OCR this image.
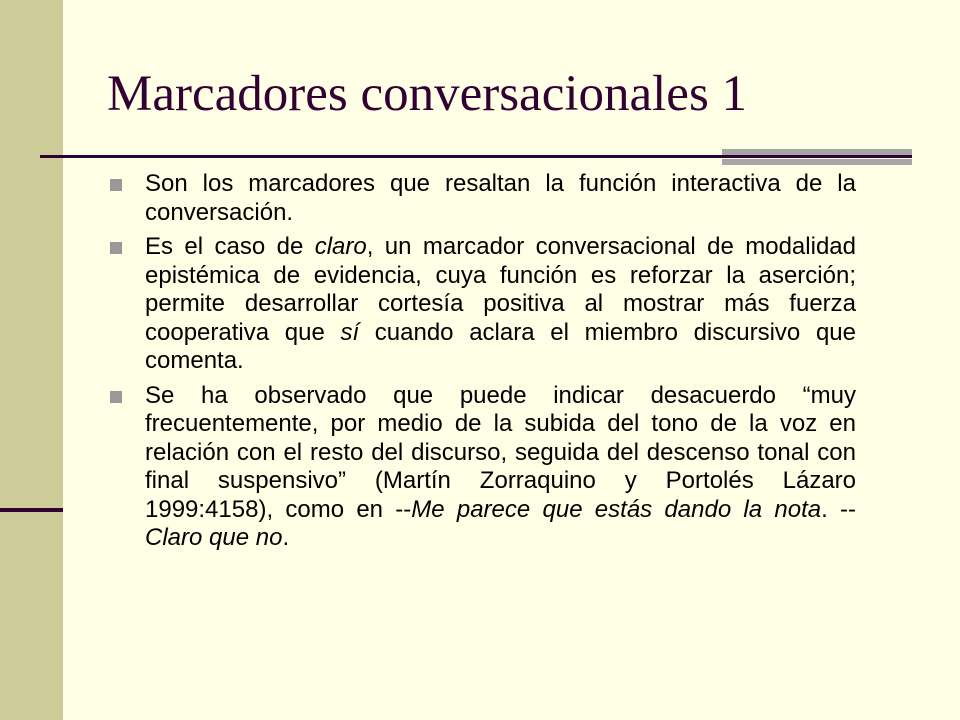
Marcadores conversacionales 1
Son los marcadores que resaltan la función interactiva de la conversación.
Es el caso de claro, un marcador conversacional de modalidad epistémica de evidencia, cuya función es reforzar la aserción; permite desarrollar cortesía positiva al mostrar más fuerza cooperativa que sí cuando aclara el miembro discursivo que comenta.
Se ha observado que puede indicar desacuerdo “muy frecuentemente, por medio de la subida del tono de la voz en relación con el resto del discurso, seguida del descenso tonal con final suspensivo” (Martín Zorraquino y Portolés Lázaro 1999:4158), como en --Me parece que estás dando la nota. --Claro que no.
